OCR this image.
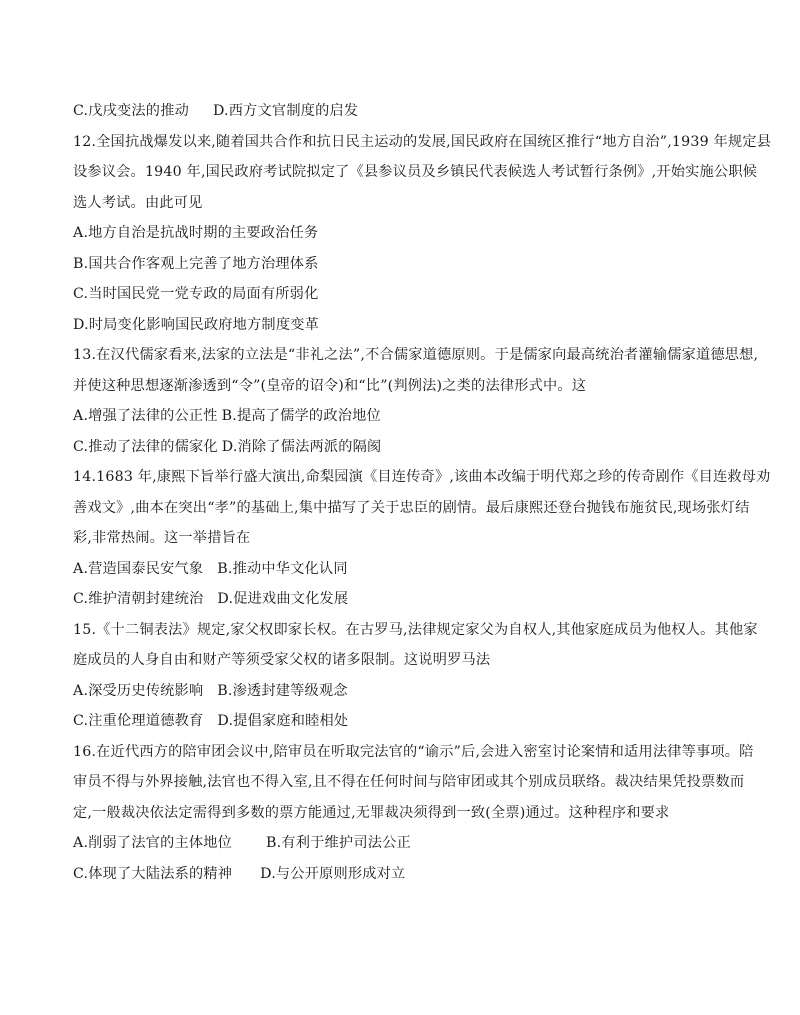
C.戊戌变法的推动 D.西方文官制度的启发
12.全国抗战爆发以来,随着国共合作和抗日民主运动的发展,国民政府在国统区推行“地方自治”,1939 年规定县
设参议会。1940 年,国民政府考试院拟定了《县参议员及乡镇民代表候选人考试暂行条例》,开始实施公职候
选人考试。由此可见
A.地方自治是抗战时期的主要政治任务
B.国共合作客观上完善了地方治理体系
C.当时国民党一党专政的局面有所弱化
D.时局变化影响国民政府地方制度变革
13.在汉代儒家看来,法家的立法是“非礼之法”,不合儒家道德原则。于是儒家向最高统治者灌输儒家道德思想,
并使这种思想逐渐渗透到“令”(皇帝的诏令)和“比”(判例法)之类的法律形式中。这
A.增强了法律的公正性 B.提高了儒学的政治地位
C.推动了法律的儒家化 D.消除了儒法两派的隔阂
14.1683 年,康熙下旨举行盛大演出,命梨园演《目连传奇》,该曲本改编于明代郑之珍的传奇剧作《目连救母劝
善戏文》,曲本在突出“孝”的基础上,集中描写了关于忠臣的剧情。最后康熙还登台抛钱布施贫民,现场张灯结
彩,非常热闹。这一举措旨在
A.营造国泰民安气象 B.推动中华文化认同
C.维护清朝封建统治 D.促进戏曲文化发展
15.《十二铜表法》规定,家父权即家长权。在古罗马,法律规定家父为自权人,其他家庭成员为他权人。其他家
庭成员的人身自由和财产等须受家父权的诸多限制。这说明罗马法
A.深受历史传统影响 B.渗透封建等级观念
C.注重伦理道德教育 D.提倡家庭和睦相处
16.在近代西方的陪审团会议中,陪审员在听取完法官的“谕示”后,会进入密室讨论案情和适用法律等事项。陪
审员不得与外界接触,法官也不得入室,且不得在任何时间与陪审团或其个别成员联络。裁决结果凭投票数而
定,一般裁决依法定需得到多数的票方能通过,无罪裁决须得到一致(全票)通过。这种程序和要求
A.削弱了法官的主体地位 B.有利于维护司法公正
C.体现了大陆法系的精神 D.与公开原则形成对立
